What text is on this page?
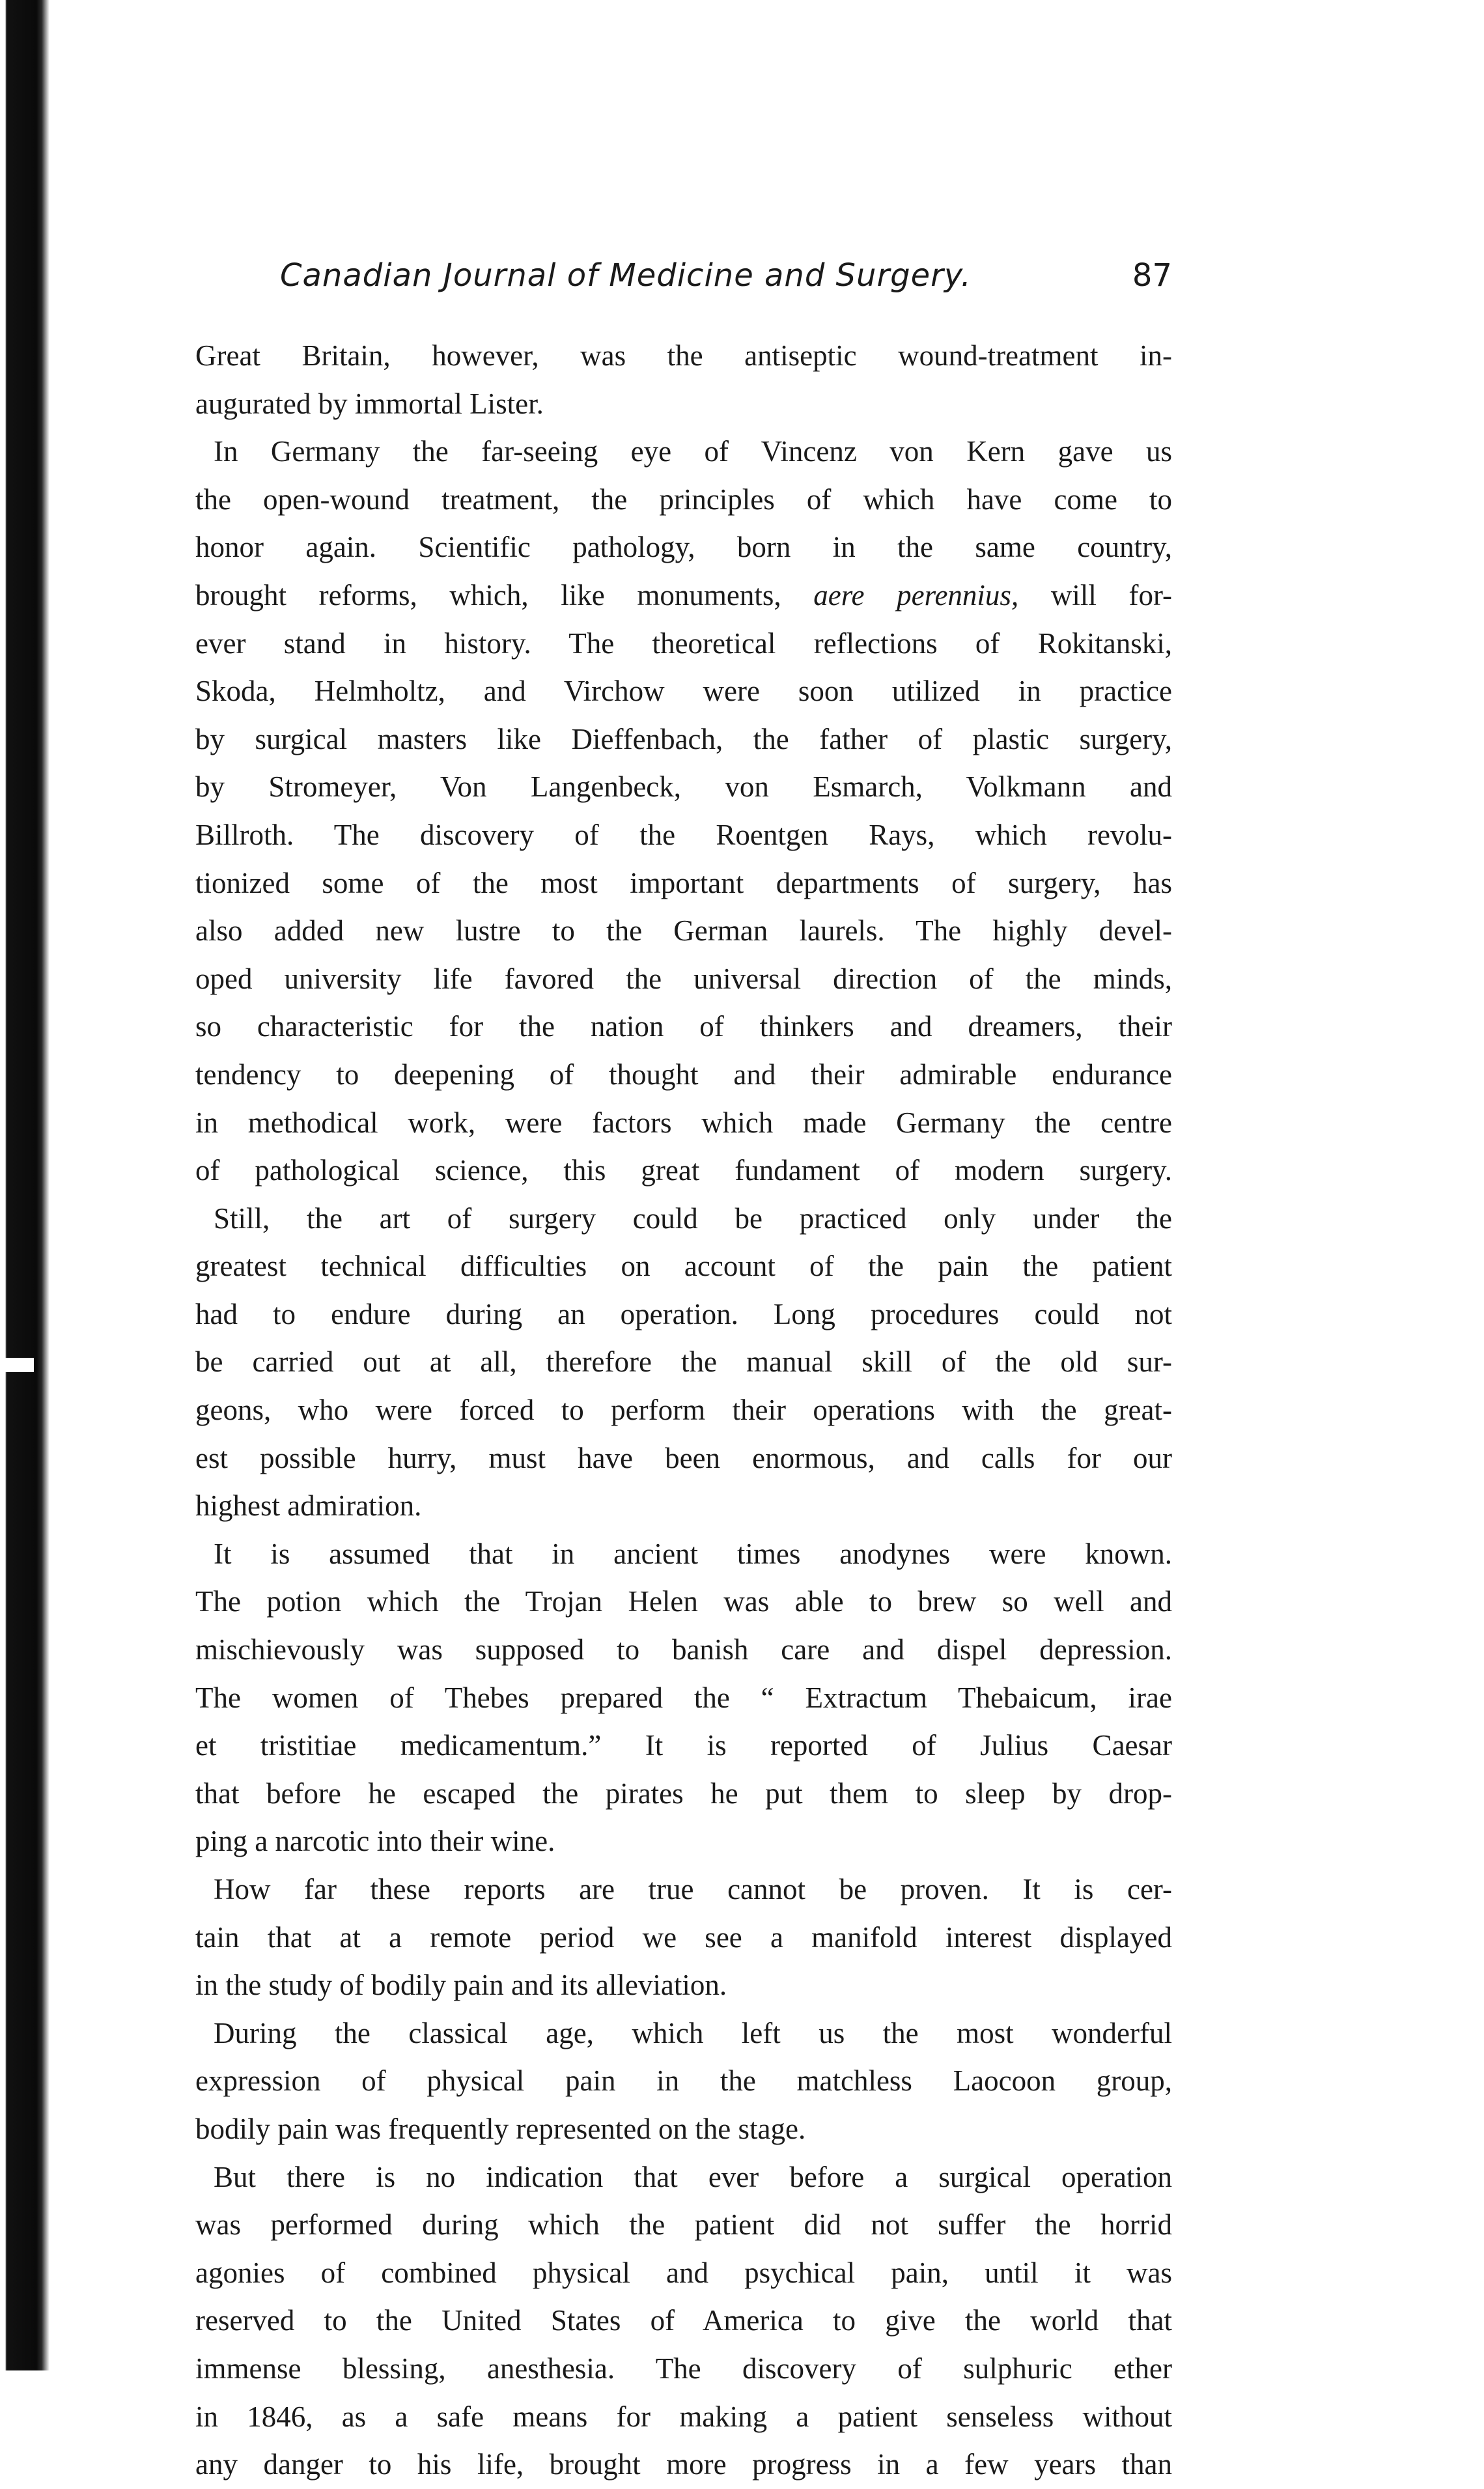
Canadian Journal of Medicine and Surgery.	87

Great Britain, however, was the antiseptic wound-treatment in-
augurated by immortal Lister.

In Germany the far-seeing eye of Vincenz von Kern gave us
the open-wound treatment, the principles of which have come to
honor again. Scientific pathology, born in the same country,
brought reforms, which, like monuments, aere perennius, will for-
ever stand in history. The theoretical reflections of Rokitanski,
Skoda, Helmholtz, and Virchow were soon utilized in practice
by surgical masters like Dieffenbach, the father of plastic surgery,
by Stromeyer, Von Langenbeck, von Esmarch, Volkmann and
Billroth. The discovery of the Roentgen Rays, which revolu-
tionized some of the most important departments of surgery, has
also added new lustre to the German laurels. The highly devel-
oped university life favored the universal direction of the minds,
so characteristic for the nation of thinkers and dreamers, their
tendency to deepening of thought and their admirable endurance
in methodical work, were factors which made Germany the centre
of pathological science, this great fundament of modern surgery.

Still, the art of surgery could be practiced only under the
greatest technical difficulties on account of the pain the patient
had to endure during an operation. Long procedures could not
be carried out at all, therefore the manual skill of the old sur-
geons, who were forced to perform their operations with the great-
est possible hurry, must have been enormous, and calls for our
highest admiration.

It is assumed that in ancient times anodynes were known.
The potion which the Trojan Helen was able to brew so well and
mischievously was supposed to banish care and dispel depression.
The women of Thebes prepared the “ Extractum Thebaicum, irae
et tristitiae medicamentum.” It is reported of Julius Caesar
that before he escaped the pirates he put them to sleep by drop-
ping a narcotic into their wine.

How far these reports are true cannot be proven. It is cer-
tain that at a remote period we see a manifold interest displayed
in the study of bodily pain and its alleviation.

During the classical age, which left us the most wonderful
expression of physical pain in the matchless Laocoon group,
bodily pain was frequently represented on the stage.

But there is no indication that ever before a surgical operation
was performed during which the patient did not suffer the horrid
agonies of combined physical and psychical pain, until it was
reserved to the United States of America to give the world that
immense blessing, anesthesia. The discovery of sulphuric ether
in 1846, as a safe means for making a patient senseless without
any danger to his life, brought more progress in a few years than
